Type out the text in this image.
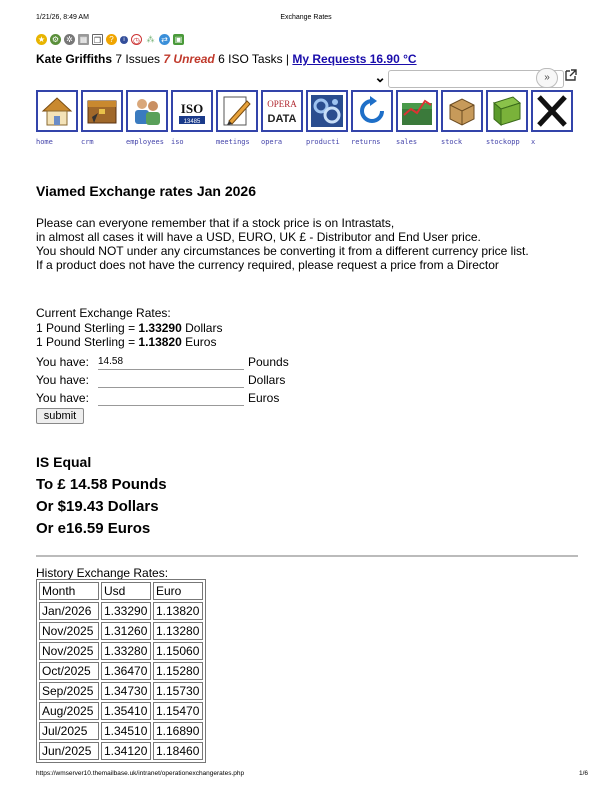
1/21/26, 8:49 AM	Exchange Rates
★ ⚙ ✲ ▦ ❐	?	i	◷ ⁂ ⇄ ▣
Kate Griffiths 7 Issues 7 Unread 6 ISO Tasks | My Requests 16.90 °C
⌄	»
ISO
13485
OPERA
DATA
home	crm	employees	iso	meetings	opera	producti	returns	sales	stock	stockopp	x
Viamed Exchange rates Jan 2026
Please can everyone remember that if a stock price is on Intrastats,
in almost all cases it will have a USD, EURO, UK £ - Distributor and End User price.
You should NOT under any circumstances be converting it from a different currency price list.
If a product does not have the currency required, please request a price from a Director
Current Exchange Rates:
1 Pound Sterling = 1.33290 Dollars
1 Pound Sterling = 1.13820 Euros
You have: 14.58	Pounds
You have:	Dollars
You have:	Euros
submit
IS Equal
To £ 14.58 Pounds
Or $19.43 Dollars
Or e16.59 Euros
History Exchange Rates:
Month	Usd	Euro
Jan/2026	1.33290	1.13820
Nov/2025	1.31260	1.13280
Nov/2025	1.33280	1.15060
Oct/2025	1.36470	1.15280
Sep/2025	1.34730	1.15730
Aug/2025	1.35410	1.15470
Jul/2025	1.34510	1.16890
Jun/2025	1.34120	1.18460
https://wmserver10.themailbase.uk/intranet/operationexchangerates.php	1/6
